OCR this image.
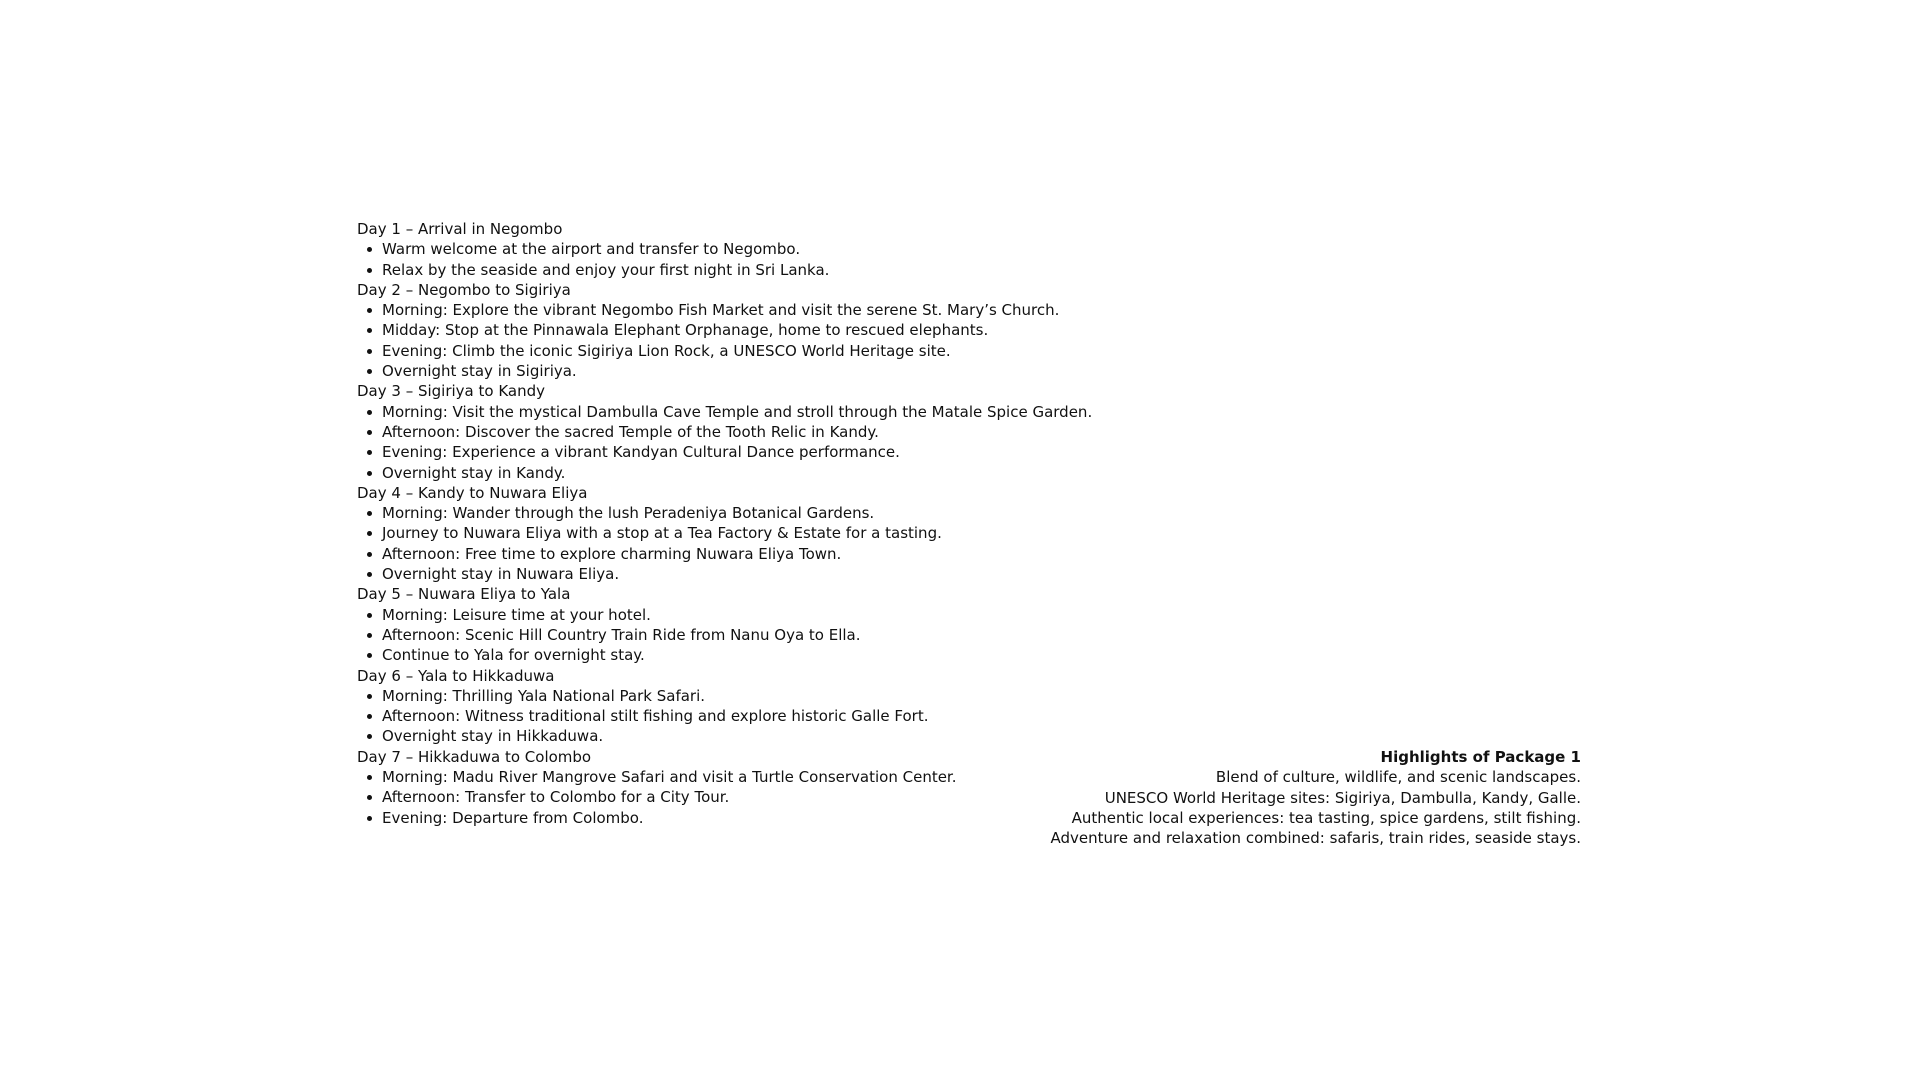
Day 1 – Arrival in Negombo
Warm welcome at the airport and transfer to Negombo.
Relax by the seaside and enjoy your first night in Sri Lanka.
Day 2 – Negombo to Sigiriya
Morning: Explore the vibrant Negombo Fish Market and visit the serene St. Mary’s Church.
Midday: Stop at the Pinnawala Elephant Orphanage, home to rescued elephants.
Evening: Climb the iconic Sigiriya Lion Rock, a UNESCO World Heritage site.
Overnight stay in Sigiriya.
Day 3 – Sigiriya to Kandy
Morning: Visit the mystical Dambulla Cave Temple and stroll through the Matale Spice Garden.
Afternoon: Discover the sacred Temple of the Tooth Relic in Kandy.
Evening: Experience a vibrant Kandyan Cultural Dance performance.
Overnight stay in Kandy.
Day 4 – Kandy to Nuwara Eliya
Morning: Wander through the lush Peradeniya Botanical Gardens.
Journey to Nuwara Eliya with a stop at a Tea Factory & Estate for a tasting.
Afternoon: Free time to explore charming Nuwara Eliya Town.
Overnight stay in Nuwara Eliya.
Day 5 – Nuwara Eliya to Yala
Morning: Leisure time at your hotel.
Afternoon: Scenic Hill Country Train Ride from Nanu Oya to Ella.
Continue to Yala for overnight stay.
Day 6 – Yala to Hikkaduwa
Morning: Thrilling Yala National Park Safari.
Afternoon: Witness traditional stilt fishing and explore historic Galle Fort.
Overnight stay in Hikkaduwa.
Day 7 – Hikkaduwa to Colombo
Morning: Madu River Mangrove Safari and visit a Turtle Conservation Center.
Afternoon: Transfer to Colombo for a City Tour.
Evening: Departure from Colombo.
Highlights of Package 1
Blend of culture, wildlife, and scenic landscapes.
UNESCO World Heritage sites: Sigiriya, Dambulla, Kandy, Galle.
Authentic local experiences: tea tasting, spice gardens, stilt fishing.
Adventure and relaxation combined: safaris, train rides, seaside stays.
